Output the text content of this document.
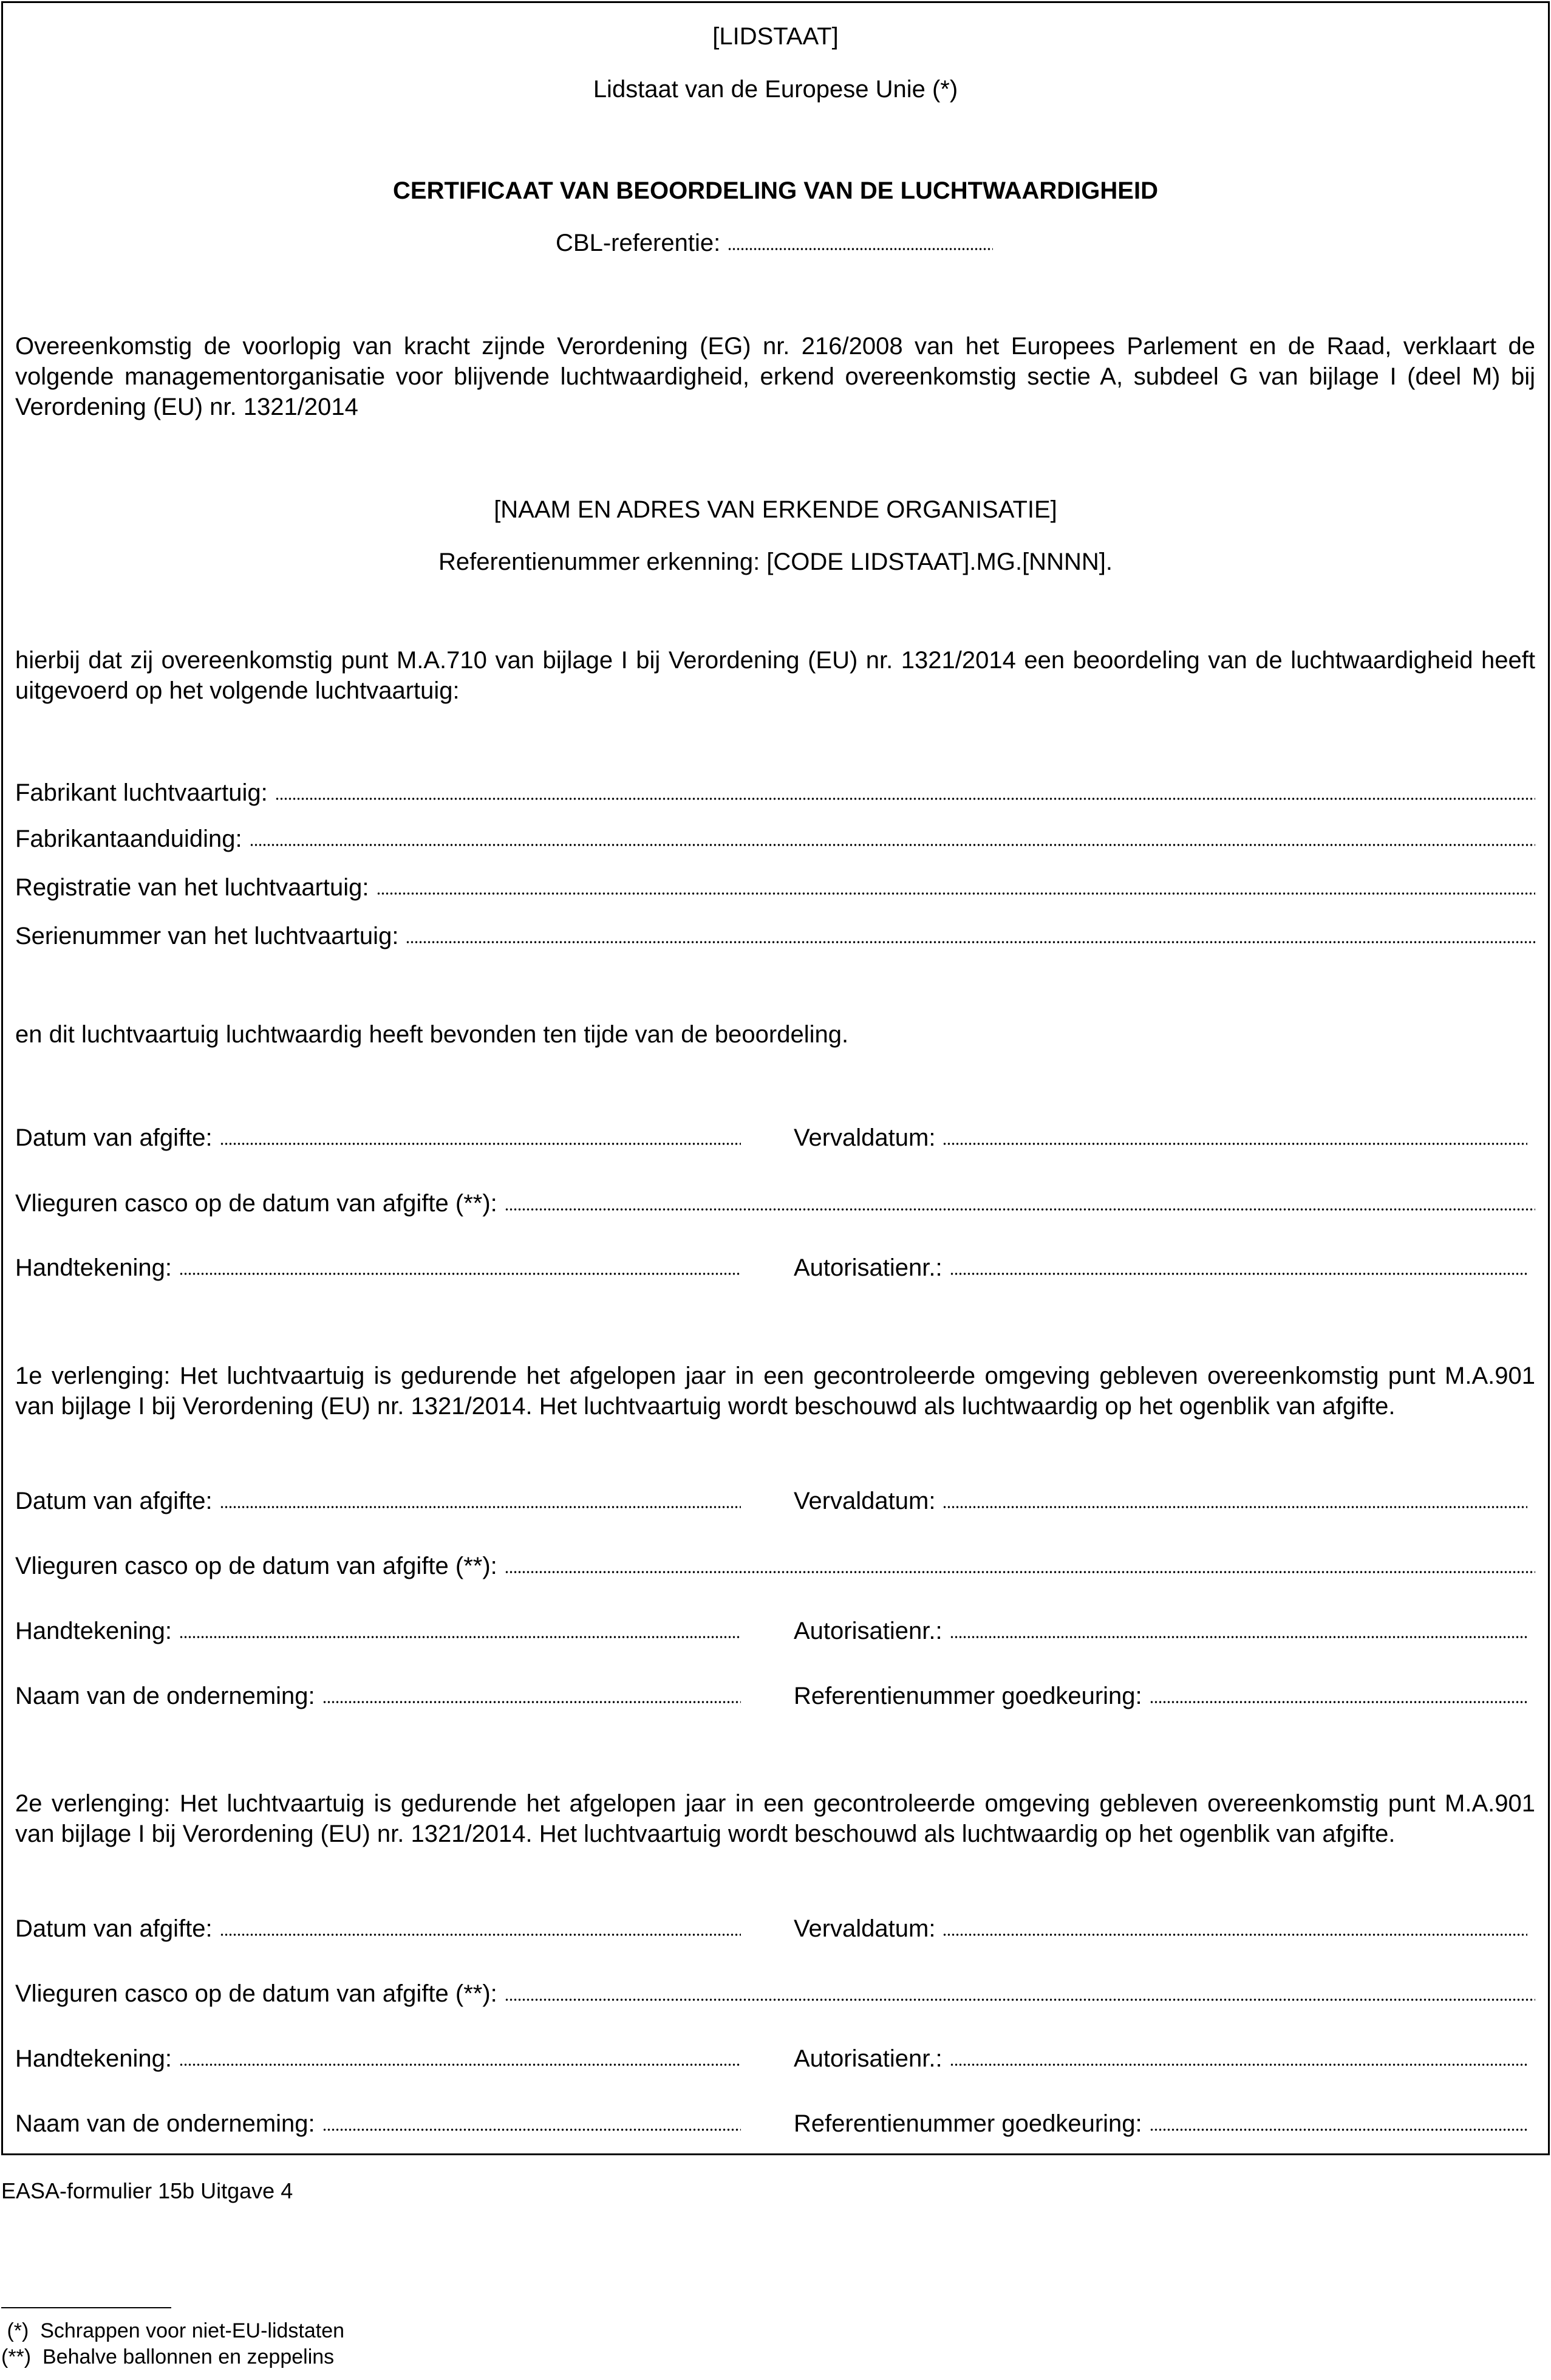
[LIDSTAAT]
Lidstaat van de Europese Unie (*)
CERTIFICAAT VAN BEOORDELING VAN DE LUCHTWAARDIGHEID
CBL-referentie:
Overeenkomstig de voorlopig van kracht zijnde Verordening (EG) nr. 216/2008 van het Europees Parlement en de Raad, verklaart de volgende managementorganisatie voor blijvende luchtwaardigheid, erkend overeenkomstig sectie A, subdeel G van bijlage I (deel M) bij Verordening (EU) nr. 1321/2014
[NAAM EN ADRES VAN ERKENDE ORGANISATIE]
Referentienummer erkenning: [CODE LIDSTAAT].MG.[NNNN].
hierbij dat zij overeenkomstig punt M.A.710 van bijlage I bij Verordening (EU) nr. 1321/2014 een beoordeling van de luchtwaardigheid heeft uitgevoerd op het volgende luchtvaartuig:
Fabrikant luchtvaartuig:
Fabrikantaanduiding:
Registratie van het luchtvaartuig:
Serienummer van het luchtvaartuig:
en dit luchtvaartuig luchtwaardig heeft bevonden ten tijde van de beoordeling.
Datum van afgifte:	Vervaldatum:
Vlieguren casco op de datum van afgifte (**):
Handtekening:	Autorisatienr.:
1e verlenging: Het luchtvaartuig is gedurende het afgelopen jaar in een gecontroleerde omgeving gebleven overeenkomstig punt M.A.901 van bijlage I bij Verordening (EU) nr. 1321/2014. Het luchtvaartuig wordt beschouwd als luchtwaardig op het ogenblik van afgifte.
Datum van afgifte:	Vervaldatum:
Vlieguren casco op de datum van afgifte (**):
Handtekening:	Autorisatienr.:
Naam van de onderneming:	Referentienummer goedkeuring:
2e verlenging: Het luchtvaartuig is gedurende het afgelopen jaar in een gecontroleerde omgeving gebleven overeenkomstig punt M.A.901 van bijlage I bij Verordening (EU) nr. 1321/2014. Het luchtvaartuig wordt beschouwd als luchtwaardig op het ogenblik van afgifte.
Datum van afgifte:	Vervaldatum:
Vlieguren casco op de datum van afgifte (**):
Handtekening:	Autorisatienr.:
Naam van de onderneming:	Referentienummer goedkeuring:
EASA-formulier 15b Uitgave 4
(*)  Schrappen voor niet-EU-lidstaten
(**)  Behalve ballonnen en zeppelins
